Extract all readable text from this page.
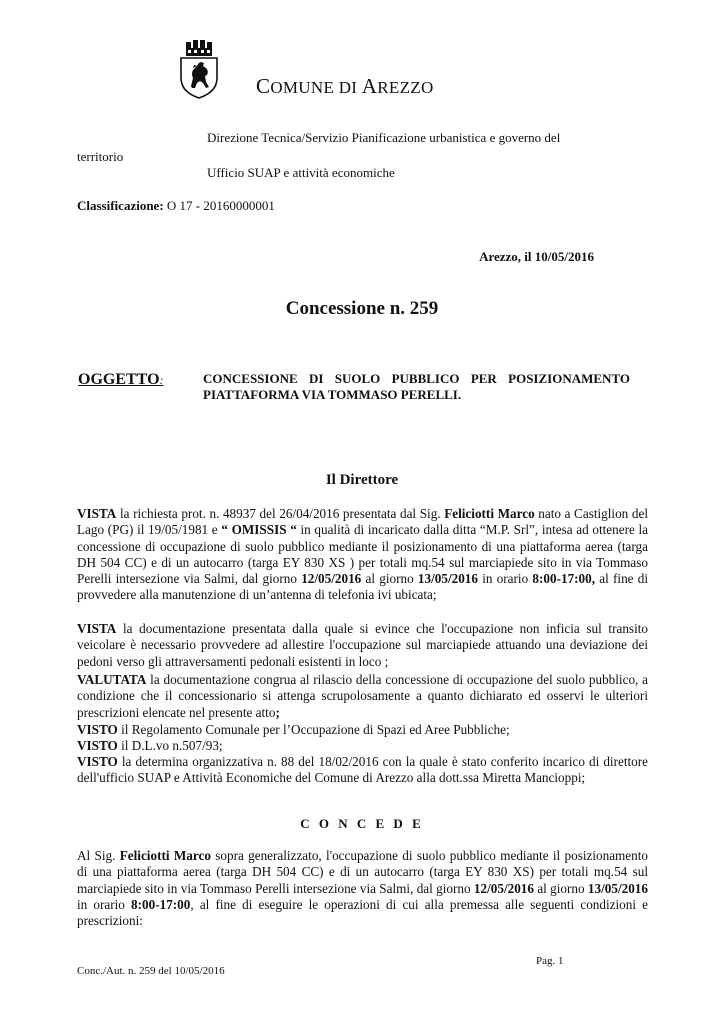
COMUNE DI AREZZO
Direzione Tecnica/Servizio Pianificazione urbanistica e governo del
territorio
Ufficio SUAP e attività economiche
Classificazione: O 17 - 20160000001
Arezzo, il 10/05/2016
Concessione n. 259
OGGETTO:	CONCESSIONE DI SUOLO PUBBLICO PER POSIZIONAMENTO PIATTAFORMA VIA TOMMASO PERELLI.
Il Direttore
VISTA la richiesta prot. n. 48937 del 26/04/2016 presentata dal Sig. Feliciotti Marco nato a Castiglion del Lago (PG) il 19/05/1981 e “ OMISSIS “ in qualità di incaricato dalla ditta “M.P. Srl”, intesa ad ottenere la concessione di occupazione di suolo pubblico mediante il posizionamento di una piattaforma aerea (targa DH 504 CC) e di un autocarro (targa EY 830 XS ) per totali mq.54 sul marciapiede sito in via Tommaso Perelli intersezione via Salmi, dal giorno 12/05/2016 al giorno 13/05/2016 in orario 8:00-17:00, al fine di provvedere alla manutenzione di un’antenna di telefonia ivi ubicata;
VISTA la documentazione presentata dalla quale si evince che l'occupazione non inficia sul transito veicolare è necessario provvedere ad allestire l'occupazione sul marciapiede attuando una deviazione dei pedoni verso gli attraversamenti pedonali esistenti in loco ;
VALUTATA la documentazione congrua al rilascio della concessione di occupazione del suolo pubblico, a condizione che il concessionario si attenga scrupolosamente a quanto dichiarato ed osservi le ulteriori prescrizioni elencate nel presente atto;
VISTO il Regolamento Comunale per l’Occupazione di Spazi ed Aree Pubbliche;
VISTO il D.L.vo n.507/93;
VISTO la determina organizzativa n. 88 del 18/02/2016 con la quale è stato conferito incarico di direttore dell'ufficio SUAP e Attività Economiche del Comune di Arezzo alla dott.ssa Miretta Mancioppi;
C O N C E D E
Al Sig. Feliciotti Marco sopra generalizzato, l'occupazione di suolo pubblico mediante il posizionamento di una piattaforma aerea (targa DH 504 CC) e di un autocarro (targa EY 830 XS) per totali mq.54 sul marciapiede sito in via Tommaso Perelli intersezione via Salmi, dal giorno 12/05/2016 al giorno 13/05/2016 in orario 8:00-17:00, al fine di eseguire le operazioni di cui alla premessa alle seguenti condizioni e prescrizioni:
Pag. 1
Conc./Aut. n. 259 del 10/05/2016
